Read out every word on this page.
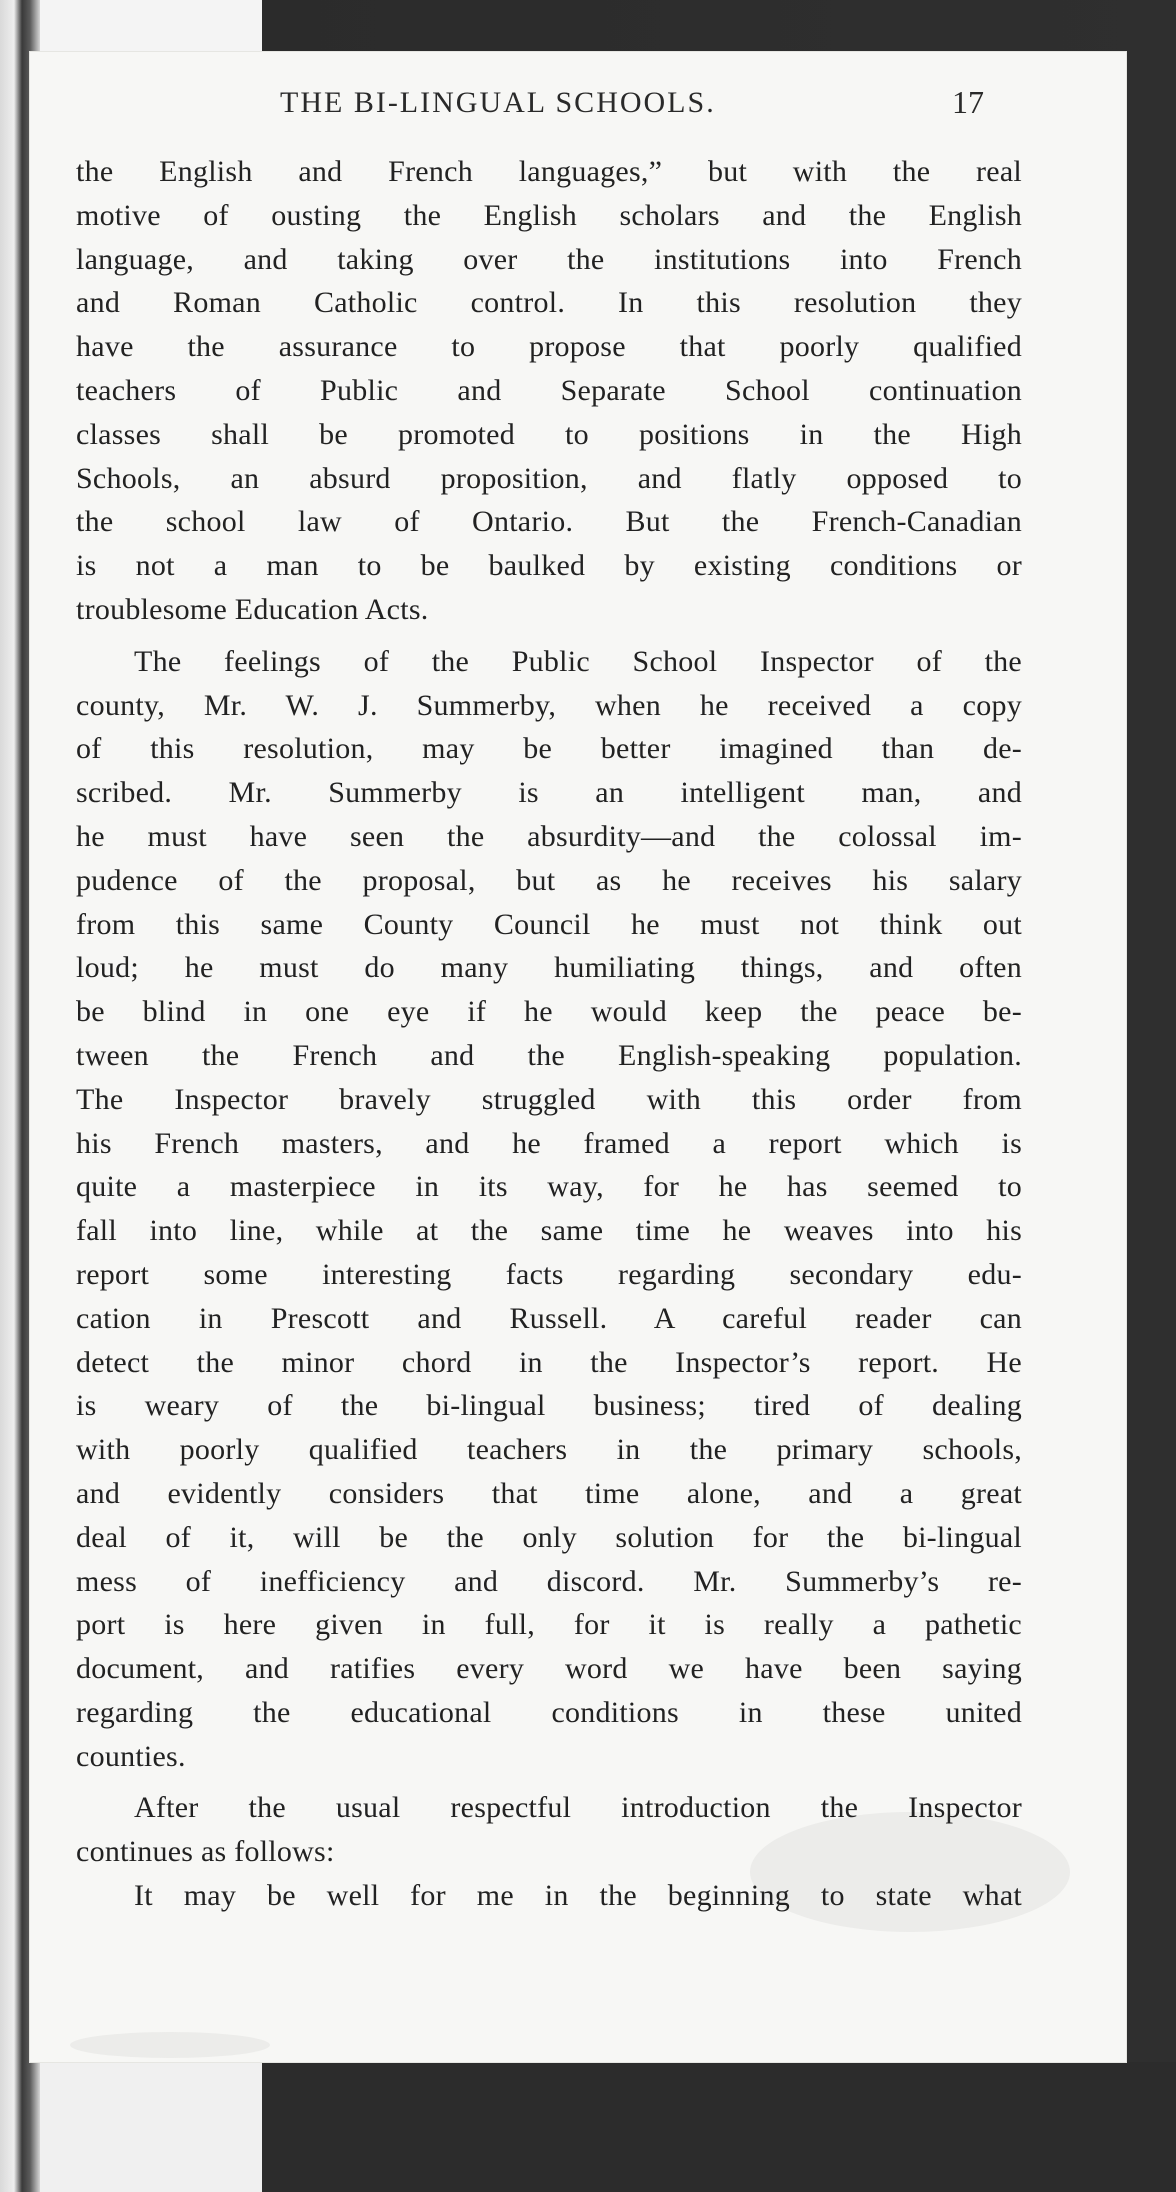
THE BI-LINGUAL SCHOOLS.	17
the English and French languages,” but with the real
motive of ousting the English scholars and the English
language, and taking over the institutions into French
and Roman Catholic control. In this resolution they
have the assurance to propose that poorly qualified
teachers of Public and Separate School continuation
classes shall be promoted to positions in the High
Schools, an absurd proposition, and flatly opposed to
the school law of Ontario. But the French-Canadian
is not a man to be baulked by existing conditions or
troublesome Education Acts.
The feelings of the Public School Inspector of the
county, Mr. W. J. Summerby, when he received a copy
of this resolution, may be better imagined than de-
scribed. Mr. Summerby is an intelligent man, and
he must have seen the absurdity—and the colossal im-
pudence of the proposal, but as he receives his salary
from this same County Council he must not think out
loud; he must do many humiliating things, and often
be blind in one eye if he would keep the peace be-
tween the French and the English-speaking population.
The Inspector bravely struggled with this order from
his French masters, and he framed a report which is
quite a masterpiece in its way, for he has seemed to
fall into line, while at the same time he weaves into his
report some interesting facts regarding secondary edu-
cation in Prescott and Russell. A careful reader can
detect the minor chord in the Inspector’s report. He
is weary of the bi-lingual business; tired of dealing
with poorly qualified teachers in the primary schools,
and evidently considers that time alone, and a great
deal of it, will be the only solution for the bi-lingual
mess of inefficiency and discord. Mr. Summerby’s re-
port is here given in full, for it is really a pathetic
document, and ratifies every word we have been saying
regarding the educational conditions in these united
counties.
After the usual respectful introduction the Inspector
continues as follows:
It may be well for me in the beginning to state what
